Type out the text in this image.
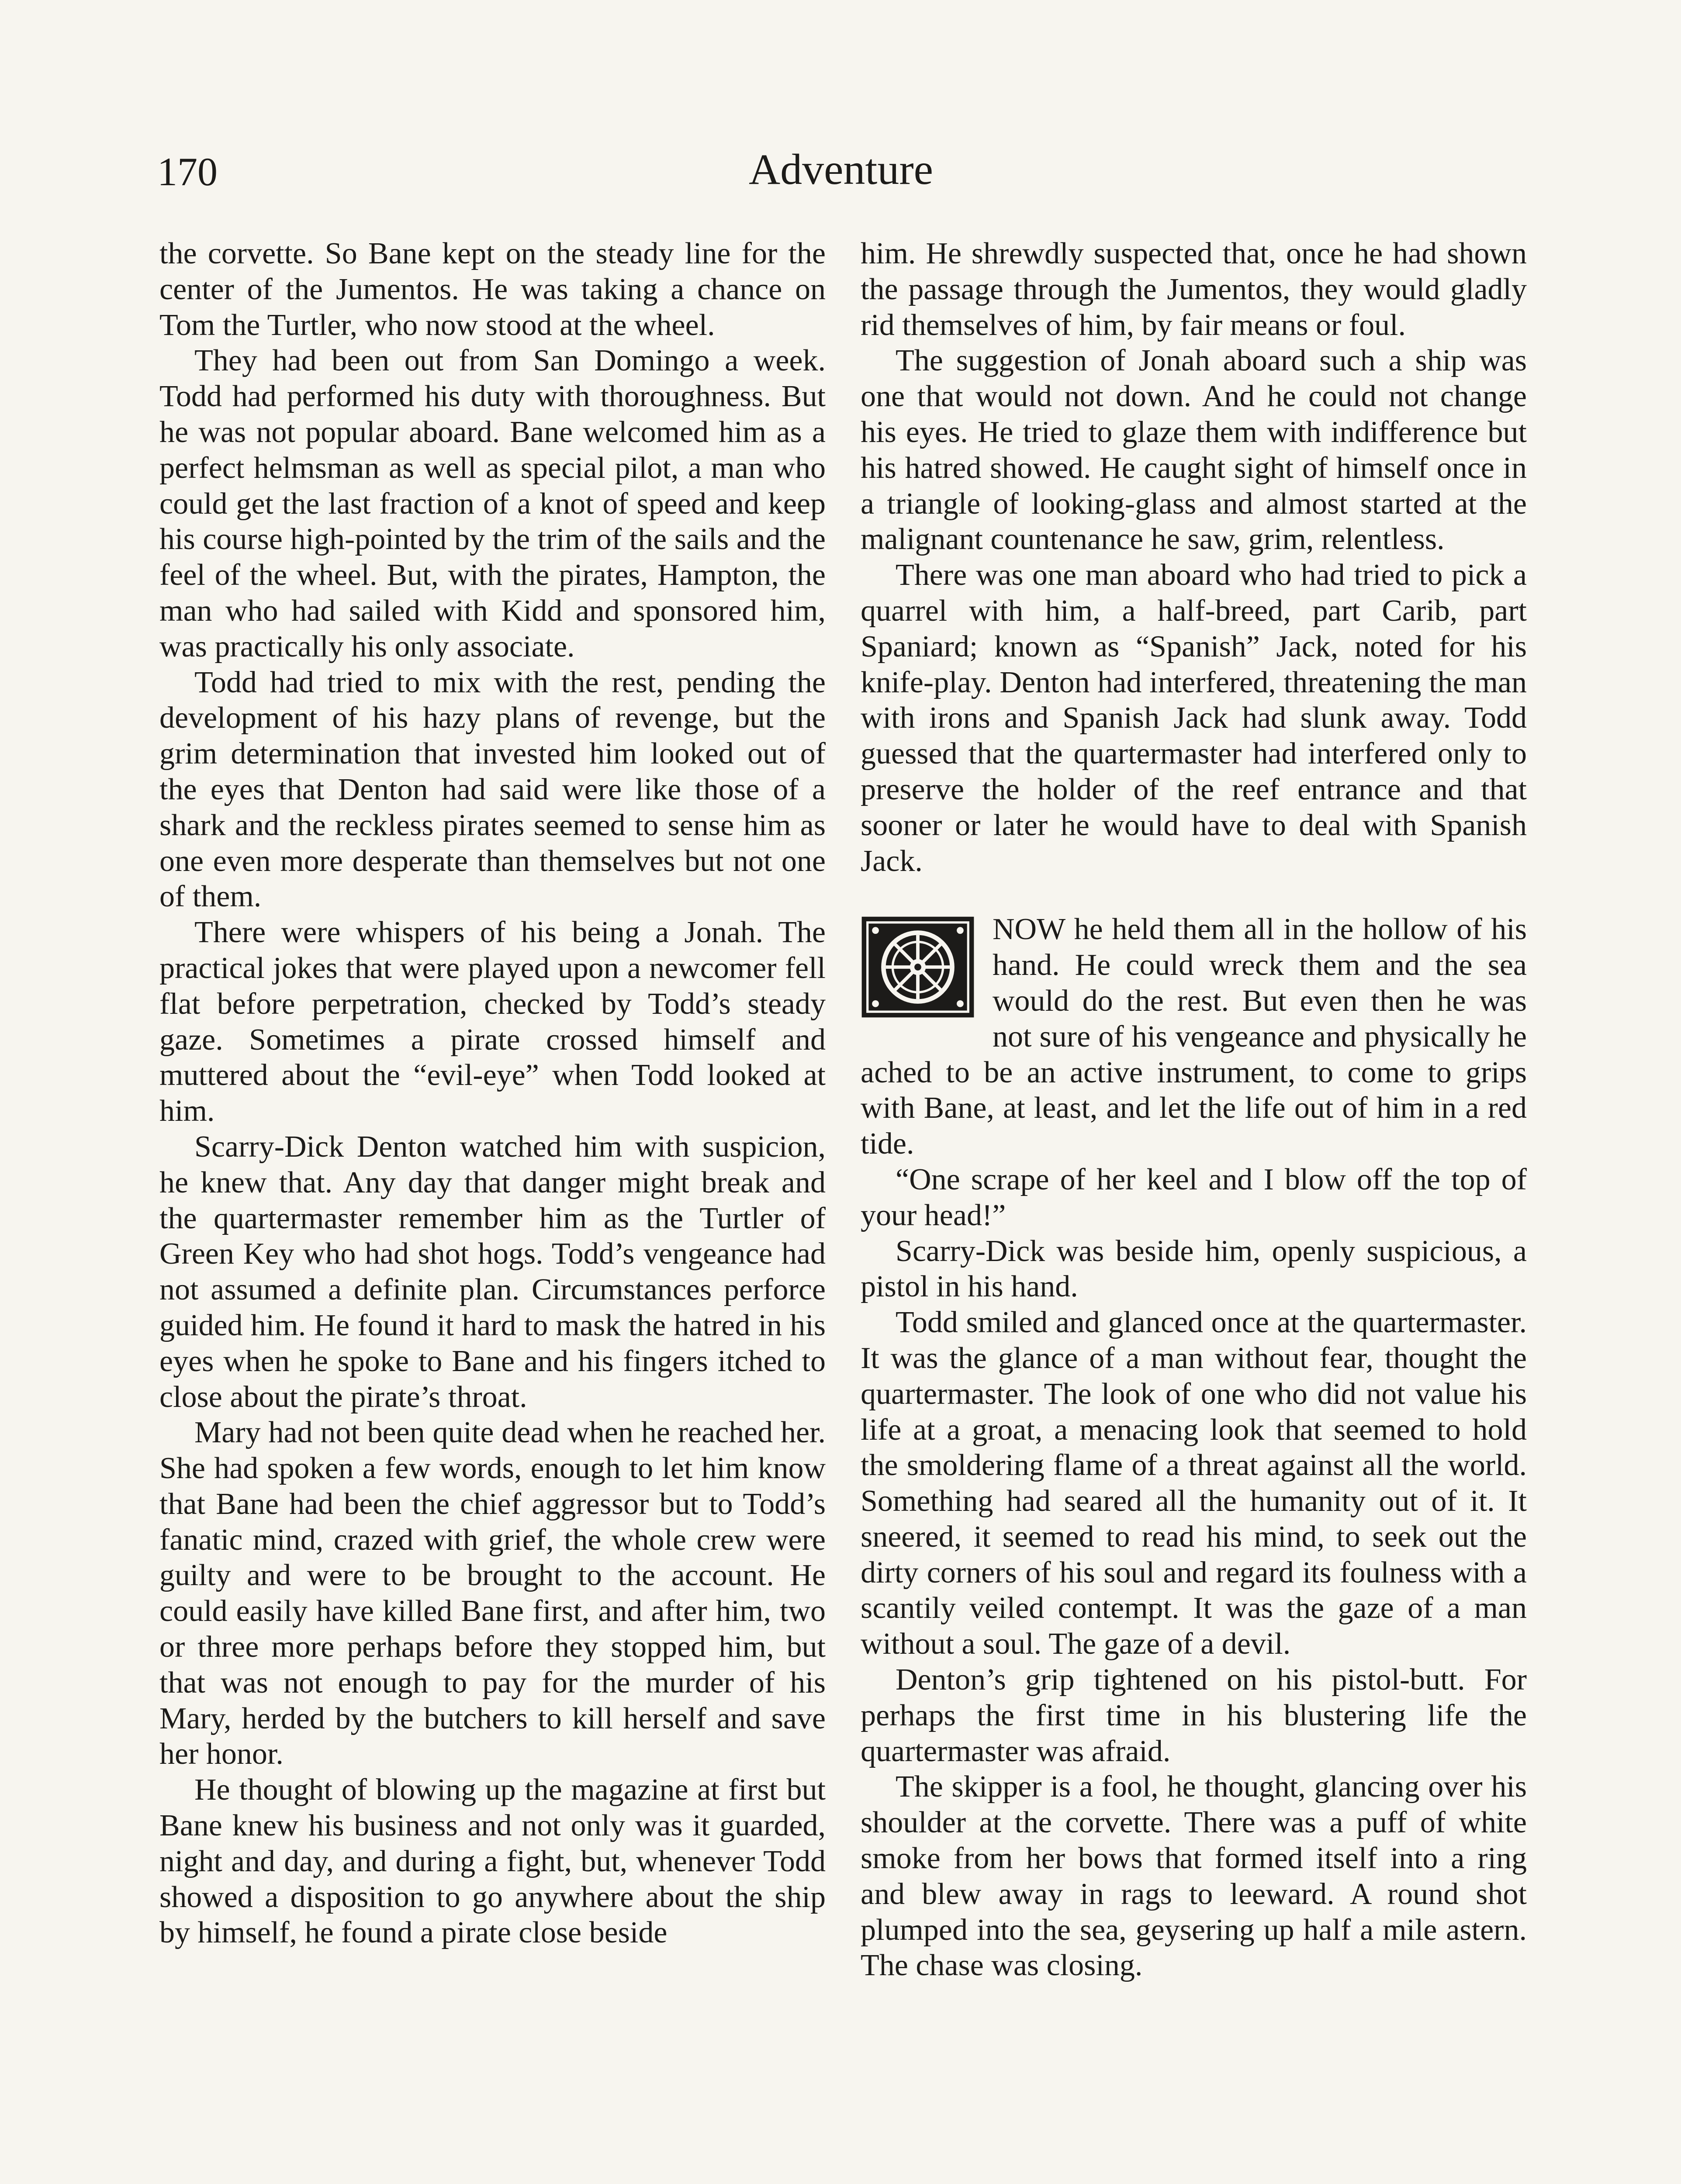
170	Adventure

the corvette. So Bane kept on the steady line for the center of the Jumentos. He was taking a chance on Tom the Turtler, who now stood at the wheel.

They had been out from San Domingo a week. Todd had performed his duty with thoroughness. But he was not popular aboard. Bane welcomed him as a perfect helmsman as well as special pilot, a man who could get the last fraction of a knot of speed and keep his course high-pointed by the trim of the sails and the feel of the wheel. But, with the pirates, Hampton, the man who had sailed with Kidd and sponsored him, was practically his only associate.

Todd had tried to mix with the rest, pending the development of his hazy plans of revenge, but the grim determination that invested him looked out of the eyes that Denton had said were like those of a shark and the reckless pirates seemed to sense him as one even more desperate than themselves but not one of them.

There were whispers of his being a Jonah. The practical jokes that were played upon a newcomer fell flat before perpetration, checked by Todd’s steady gaze. Sometimes a pirate crossed himself and muttered about the “evil-eye” when Todd looked at him.

Scarry-Dick Denton watched him with suspicion, he knew that. Any day that danger might break and the quartermaster remember him as the Turtler of Green Key who had shot hogs. Todd’s vengeance had not assumed a definite plan. Circumstances perforce guided him. He found it hard to mask the hatred in his eyes when he spoke to Bane and his fingers itched to close about the pirate’s throat.

Mary had not been quite dead when he reached her. She had spoken a few words, enough to let him know that Bane had been the chief aggressor but to Todd’s fanatic mind, crazed with grief, the whole crew were guilty and were to be brought to the account. He could easily have killed Bane first, and after him, two or three more perhaps before they stopped him, but that was not enough to pay for the murder of his Mary, herded by the butchers to kill herself and save her honor.

He thought of blowing up the magazine at first but Bane knew his business and not only was it guarded, night and day, and during a fight, but, whenever Todd showed a disposition to go anywhere about the ship by himself, he found a pirate close beside

him. He shrewdly suspected that, once he had shown the passage through the Jumentos, they would gladly rid themselves of him, by fair means or foul.

The suggestion of Jonah aboard such a ship was one that would not down. And he could not change his eyes. He tried to glaze them with indifference but his hatred showed. He caught sight of himself once in a triangle of looking-glass and almost started at the malignant countenance he saw, grim, relentless.

There was one man aboard who had tried to pick a quarrel with him, a half-breed, part Carib, part Spaniard; known as “Spanish” Jack, noted for his knife-play. Denton had interfered, threatening the man with irons and Spanish Jack had slunk away. Todd guessed that the quartermaster had interfered only to preserve the holder of the reef entrance and that sooner or later he would have to deal with Spanish Jack.

NOW he held them all in the hollow of his hand. He could wreck them and the sea would do the rest. But even then he was not sure of his vengeance and physically he ached to be an active instrument, to come to grips with Bane, at least, and let the life out of him in a red tide.

“One scrape of her keel and I blow off the top of your head!”

Scarry-Dick was beside him, openly suspicious, a pistol in his hand.

Todd smiled and glanced once at the quartermaster. It was the glance of a man without fear, thought the quartermaster. The look of one who did not value his life at a groat, a menacing look that seemed to hold the smoldering flame of a threat against all the world. Something had seared all the humanity out of it. It sneered, it seemed to read his mind, to seek out the dirty corners of his soul and regard its foulness with a scantily veiled contempt. It was the gaze of a man without a soul. The gaze of a devil.

Denton’s grip tightened on his pistol-butt. For perhaps the first time in his blustering life the quartermaster was afraid.

The skipper is a fool, he thought, glancing over his shoulder at the corvette. There was a puff of white smoke from her bows that formed itself into a ring and blew away in rags to leeward. A round shot plumped into the sea, geysering up half a mile astern. The chase was closing.
